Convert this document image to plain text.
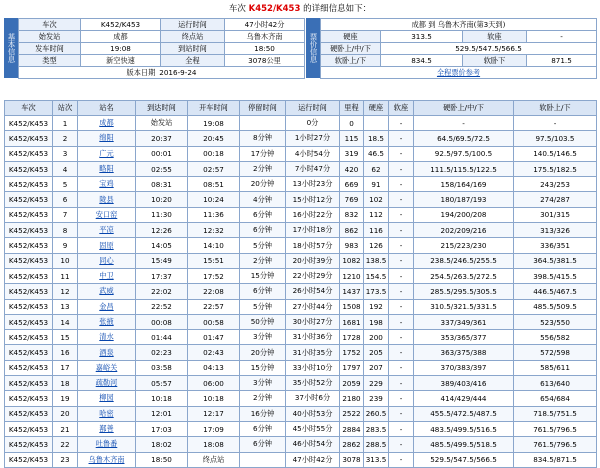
车次 K452/K453 的详细信息如下：
基本信息
车次	K452/K453	运行时间	47小时42分
始发站	成都	终点站	乌鲁木齐南
发车时间	19:08	到站时间	18:50
类型	新空快速	全程	3078公里
版本日期 2016-9-24			
票价信息
成都 到 乌鲁木齐南(第3天到)			
硬座	313.5	软座	-
硬卧上/中/下	529.5/547.5/566.5		
软卧上/下	834.5	软卧下	871.5
全程票价参考			
车次	站次	站名	到达时间	开车时间	停留时间	运行时间	里程	硬座	软座	硬卧上/中/下	软卧上/下
K452/K453	1	成都	始发站	19:08		0分	0		-	-	-
K452/K453	2	绵阳	20:37	20:45	8分钟	1小时27分	115	18.5	-	64.5/69.5/72.5	97.5/103.5
K452/K453	3	广元	00:01	00:18	17分钟	4小时54分	319	46.5	-	92.5/97.5/100.5	140.5/146.5
K452/K453	4	略阳	02:55	02:57	2分钟	7小时47分	420	62	-	111.5/115.5/122.5	175.5/182.5
K452/K453	5	宝鸡	08:31	08:51	20分钟	13小时23分	669	91	-	158/164/169	243/253
K452/K453	6	陇县	10:20	10:24	4分钟	15小时12分	769	102	-	180/187/193	274/287
K452/K453	7	安口窑	11:30	11:36	6分钟	16小时22分	832	112	-	194/200/208	301/315
K452/K453	8	平凉	12:26	12:32	6分钟	17小时18分	862	116	-	202/209/216	313/326
K452/K453	9	固原	14:05	14:10	5分钟	18小时57分	983	126	-	215/223/230	336/351
K452/K453	10	同心	15:49	15:51	2分钟	20小时39分	1082	138.5	-	238.5/246.5/255.5	364.5/381.5
K452/K453	11	中卫	17:37	17:52	15分钟	22小时29分	1210	154.5	-	254.5/263.5/272.5	398.5/415.5
K452/K453	12	武威	22:02	22:08	6分钟	26小时54分	1437	173.5	-	285.5/295.5/305.5	446.5/467.5
K452/K453	13	金昌	22:52	22:57	5分钟	27小时44分	1508	192	-	310.5/321.5/331.5	485.5/509.5
K452/K453	14	张掖	00:08	00:58	50分钟	30小时27分	1681	198	-	337/349/361	523/550
K452/K453	15	清水	01:44	01:47	3分钟	31小时36分	1728	200	-	353/365/377	556/582
K452/K453	16	酒泉	02:23	02:43	20分钟	31小时35分	1752	205	-	363/375/388	572/598
K452/K453	17	嘉峪关	03:58	04:13	15分钟	33小时10分	1797	207	-	370/383/397	585/611
K452/K453	18	疏勒河	05:57	06:00	3分钟	35小时52分	2059	229	-	389/403/416	613/640
K452/K453	19	柳园	10:18	10:18	2分钟	37小时6分	2180	239	-	414/429/444	654/684
K452/K453	20	哈密	12:01	12:17	16分钟	40小时53分	2522	260.5	-	455.5/472.5/487.5	718.5/751.5
K452/K453	21	鄯善	17:03	17:09	6分钟	45小时55分	2884	283.5	-	483.5/499.5/516.5	761.5/796.5
K452/K453	22	吐鲁番	18:02	18:08	6分钟	46小时54分	2862	288.5	-	485.5/499.5/518.5	761.5/796.5
K452/K453	23	乌鲁木齐南	18:50	终点站		47小时42分	3078	313.5	-	529.5/547.5/566.5	834.5/871.5
